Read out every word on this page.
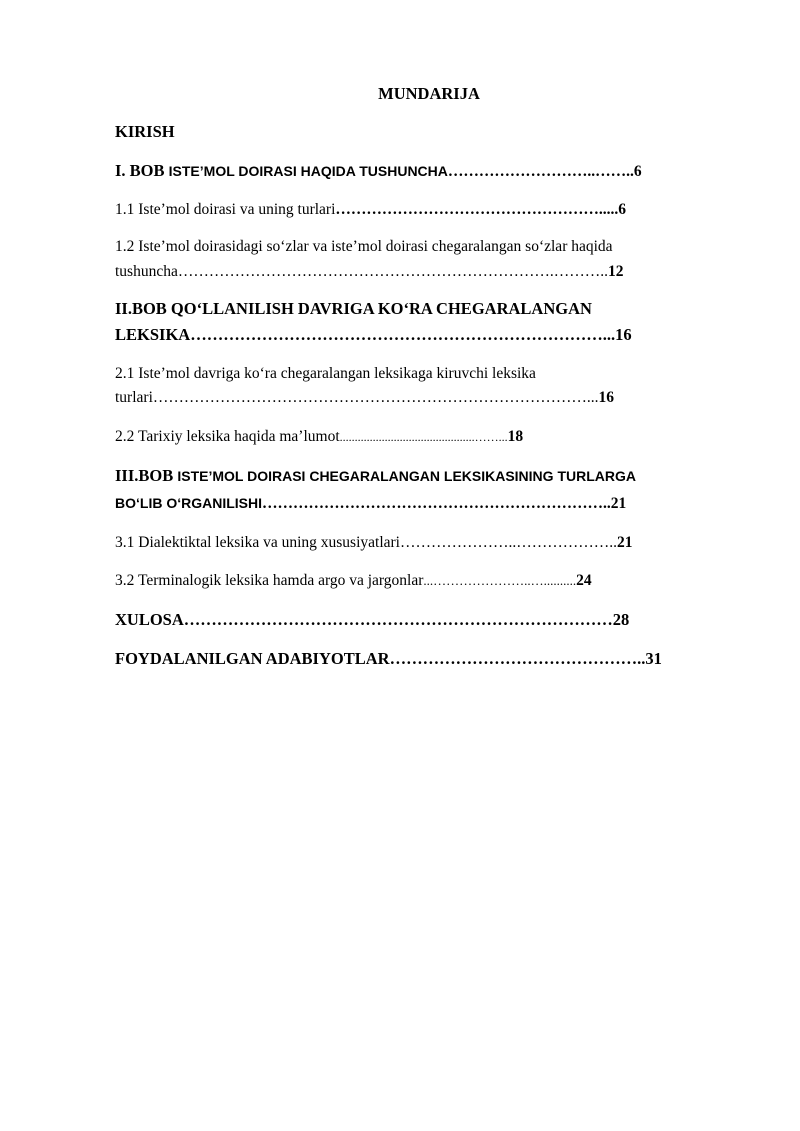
MUNDARIJA
KIRISH
I. BOB ISTE’MOL DOIRASI HAQIDA TUSHUNCHA………………………..……..6
1.1 Iste’mol doirasi va uning turlari…………………………………………….....6
1.2 Iste’mol doirasidagi so‘zlar va iste’mol doirasi chegaralangan so‘zlar haqida
tushuncha……………………………………………………………….………..12
II.BOB QO‘LLANILISH DAVRIGA KO‘RA CHEGARALANGAN
LEKSIKA…………………………………………………………………...16
2.1 Iste’mol davriga ko‘ra chegaralangan leksikaga kiruvchi leksika
turlari…………………………………………………………………………...16
2.2 Tarixiy leksika haqida ma’lumot.............................................……...18
III.BOB ISTE’MOL DOIRASI CHEGARALANGAN LEKSIKASINING TURLARGA
BO‘LIB O‘RGANILISHI…………………………………………………………..21
3.1 Dialektiktal leksika va uning xususiyatlari…………………..………………..21
3.2 Terminalogik leksika hamda argo va jargonlar...…………………..…..........24
XULOSA……………………………………………………………………28
FOYDALANILGAN ADABIYOTLAR………………………………………..31
